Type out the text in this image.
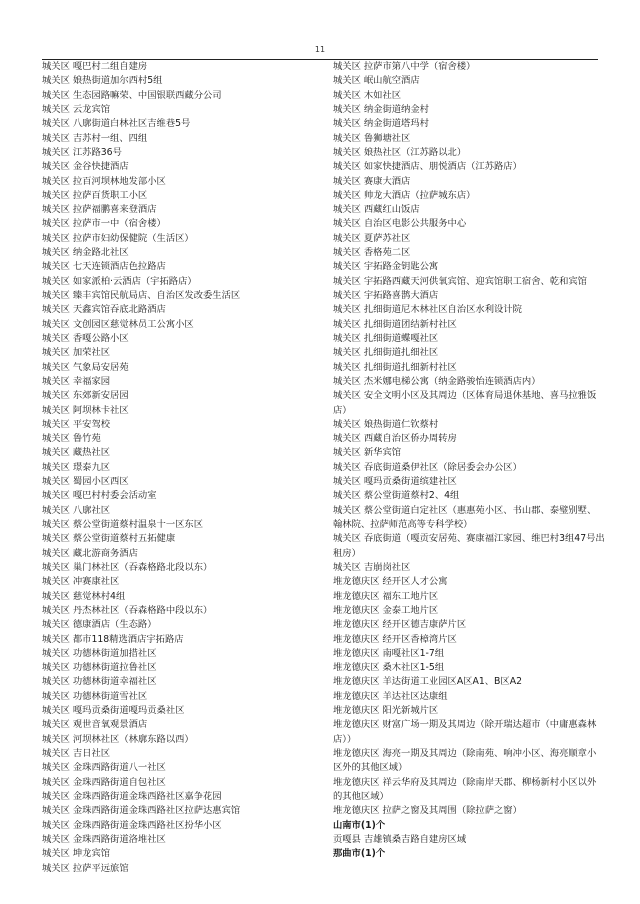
11
城关区 嘎巴村二组自建房
城关区 娘热街道加尔西村5组
城关区 生态园路嘛荣、中国银联西藏分公司
城关区 云龙宾馆
城关区 八廓街道白林社区吉维巷5号
城关区 吉苏村一组、四组
城关区 江苏路36号
城关区 金谷快捷酒店
城关区 拉百河坝林地发部小区
城关区 拉萨百货职工小区
城关区 拉萨福鹏喜来登酒店
城关区 拉萨市一中（宿舍楼）
城关区 拉萨市妇幼保健院（生活区）
城关区 纳金路北社区
城关区 七天连锁酒店色拉路店
城关区 如家派柏·云酒店（宇拓路店）
城关区 臻丰宾馆民航局店、自治区发改委生活区
城关区 天鑫宾馆吞底北路酒店
城关区 文创园区慈觉林员工公寓小区
城关区 香嘎公路小区
城关区 加荣社区
城关区 气象局安居苑
城关区 幸福家园
城关区 东郊新安居园
城关区 阿坝林卡社区
城关区 平安驾校
城关区 鲁竹苑
城关区 藏热社区
城关区 璟泰九区
城关区 蜀园小区西区
城关区 嘎巴村村委会活动室
城关区 八廓社区
城关区 蔡公堂街道蔡村温泉十一区东区
城关区 蔡公堂街道蔡村五拓健康
城关区 藏北游商务酒店
城关区 巢门林社区（吞森格路北段以东）
城关区 冲赛康社区
城关区 慈觉林村4组
城关区 丹杰林社区（吞森格路中段以东）
城关区 德康酒店（生态路）
城关区 都市118精选酒店宇拓路店
城关区 功德林街道加措社区
城关区 功德林街道拉鲁社区
城关区 功德林街道幸福社区
城关区 功德林街道雪社区
城关区 嘎玛贡桑街道嘎玛贡桑社区
城关区 观世音氧观景酒店
城关区 河坝林社区（林廓东路以西）
城关区 吉日社区
城关区 金珠西路街道八一社区
城关区 金珠西路街道自包社区
城关区 金珠西路街道金珠西路社区嘉争花园
城关区 金珠西路街道金珠西路社区拉萨达惠宾馆
城关区 金珠西路街道金珠西路社区扮华小区
城关区 金珠西路街道洛堆社区
城关区 坤龙宾馆
城关区 拉萨平远旅馆
城关区 拉萨市第八中学（宿舍楼）
城关区 岷山航空酒店
城关区 木如社区
城关区 纳金街道纳金村
城关区 纳金街道塔玛村
城关区 鲁狮塘社区
城关区 娘热社区（江苏路以北）
城关区 如家快捷酒店、朋悦酒店（江苏路店）
城关区 赛康大酒店
城关区 帅龙大酒店（拉萨城东店）
城关区 西藏红山饭店
城关区 自治区电影公共服务中心
城关区 夏萨苏社区
城关区 香格苑二区
城关区 宇拓路金钥匙公寓
城关区 宇拓路西藏天河供氧宾馆、迎宾馆职工宿舍、乾和宾馆
城关区 宇拓路喜鹊大酒店
城关区 扎细街道尼木林社区自治区水利设计院
城关区 扎细街道团结新村社区
城关区 扎细街道蝶嘎社区
城关区 扎细街道扎细社区
城关区 扎细街道扎细新村社区
城关区 杰米娜电梯公寓（纳金路骏怡连锁酒店内）
城关区 安全文明小区及其周边（区体育局退休基地、喜马拉雅饭店）
城关区 娘热街道仁钦蔡村
城关区 西藏自治区侨办周转房
城关区 新华宾馆
城关区 吞底街道桑伊社区（除居委会办公区）
城关区 嘎玛贡桑街道缤建社区
城关区 蔡公堂街道蔡村2、4组
城关区 蔡公堂街道白定社区（惠惠苑小区、书山郡、泰璧别墅、翰林院、拉萨师范高等专科学校）
城关区 吞底街道（嘎贡安居苑、赛康福江家园、维巴村3组47号出租房）
城关区 吉崩岗社区
堆龙德庆区 经开区人才公寓
堆龙德庆区 福东工地片区
堆龙德庆区 金泰工地片区
堆龙德庆区 经开区德吉康萨片区
堆龙德庆区 经开区香樟湾片区
堆龙德庆区 南嘎社区1-7组
堆龙德庆区 桑木社区1-5组
堆龙德庆区 羊达街道工业园区A区A1、B区A2
堆龙德庆区 羊达社区达康组
堆龙德庆区 阳光新城片区
堆龙德庆区 财富广场一期及其周边（除开瑞达超市（中庸惠森林店））
堆龙德庆区 海亮一期及其周边（除南苑、响冲小区、海亮顺章小区外的其他区域）
堆龙德庆区 祥云华府及其周边（除南岸天郡、柳杨新村小区以外的其他区域）
堆龙德庆区 拉萨之窗及其周围（除拉萨之窗）
山南市(1)个
贡嘎县 吉雄镇桑吉路自建房区域
那曲市(1)个
